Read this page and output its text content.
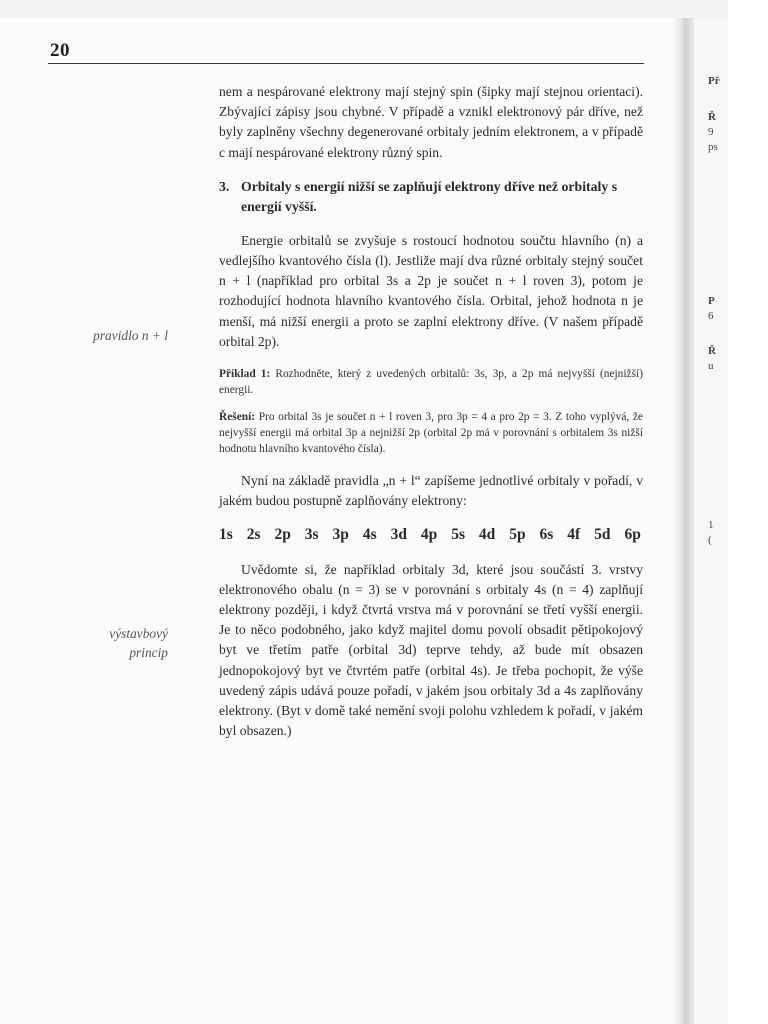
Př
Ř
9
ps
P
6
Ř
u
1
(
20
pravidlo n + l
výstavbový
princip

nem a nespárované elektrony mají stejný spin (šipky mají stejnou orientaci). Zbývající zápisy jsou chybné. V případě a vznikl elektronový pár dříve, než byly zaplněny všechny degenerované orbitaly jedním elektronem, a v případě c mají nespárované elektrony různý spin.

3. Orbitaly s energií nižší se zaplňují elektrony dříve než orbitaly s energií vyšší.

Energie orbitalů se zvyšuje s rostoucí hodnotou součtu hlavního (n) a vedlejšího kvantového čísla (l). Jestliže mají dva různé orbitaly stejný součet n + l (například pro orbital 3s a 2p je součet n + l roven 3), potom je rozhodující hodnota hlavního kvantového čísla. Orbital, jehož hodnota n je menší, má nižší energii a proto se zaplní elektrony dříve. (V našem případě orbital 2p).

Příklad 1: Rozhodněte, který z uvedených orbitalů: 3s, 3p, a 2p má nejvyšší (nejnižší) energii.

Řešení: Pro orbital 3s je součet n + l roven 3, pro 3p = 4 a pro 2p = 3. Z toho vyplývá, že nejvyšší energii má orbital 3p a nejnižší 2p (orbital 2p má v porovnání s orbitalem 3s nižší hodnotu hlavního kvantového čísla).

Nyní na základě pravidla „n + l“ zapíšeme jednotlivé orbitaly v pořadí, v jakém budou postupně zaplňovány elektrony:

1s 2s 2p 3s 3p 4s 3d 4p 5s 4d 5p 6s 4f 5d 6p

Uvědomte si, že například orbitaly 3d, které jsou součástí 3. vrstvy elektronového obalu (n = 3) se v porovnání s orbitaly 4s (n = 4) zaplňují elektrony později, i když čtvrtá vrstva má v porovnání se třetí vyšší energii. Je to něco podobného, jako když majitel domu povolí obsadit pětipokojový byt ve třetím patře (orbital 3d) teprve tehdy, až bude mít obsazen jednopokojový byt ve čtvrtém patře (orbital 4s). Je třeba pochopit, že výše uvedený zápis udává pouze pořadí, v jakém jsou orbitaly 3d a 4s zaplňovány elektrony. (Byt v domě také nemění svoji polohu vzhledem k pořadí, v jakém byl obsazen.)
